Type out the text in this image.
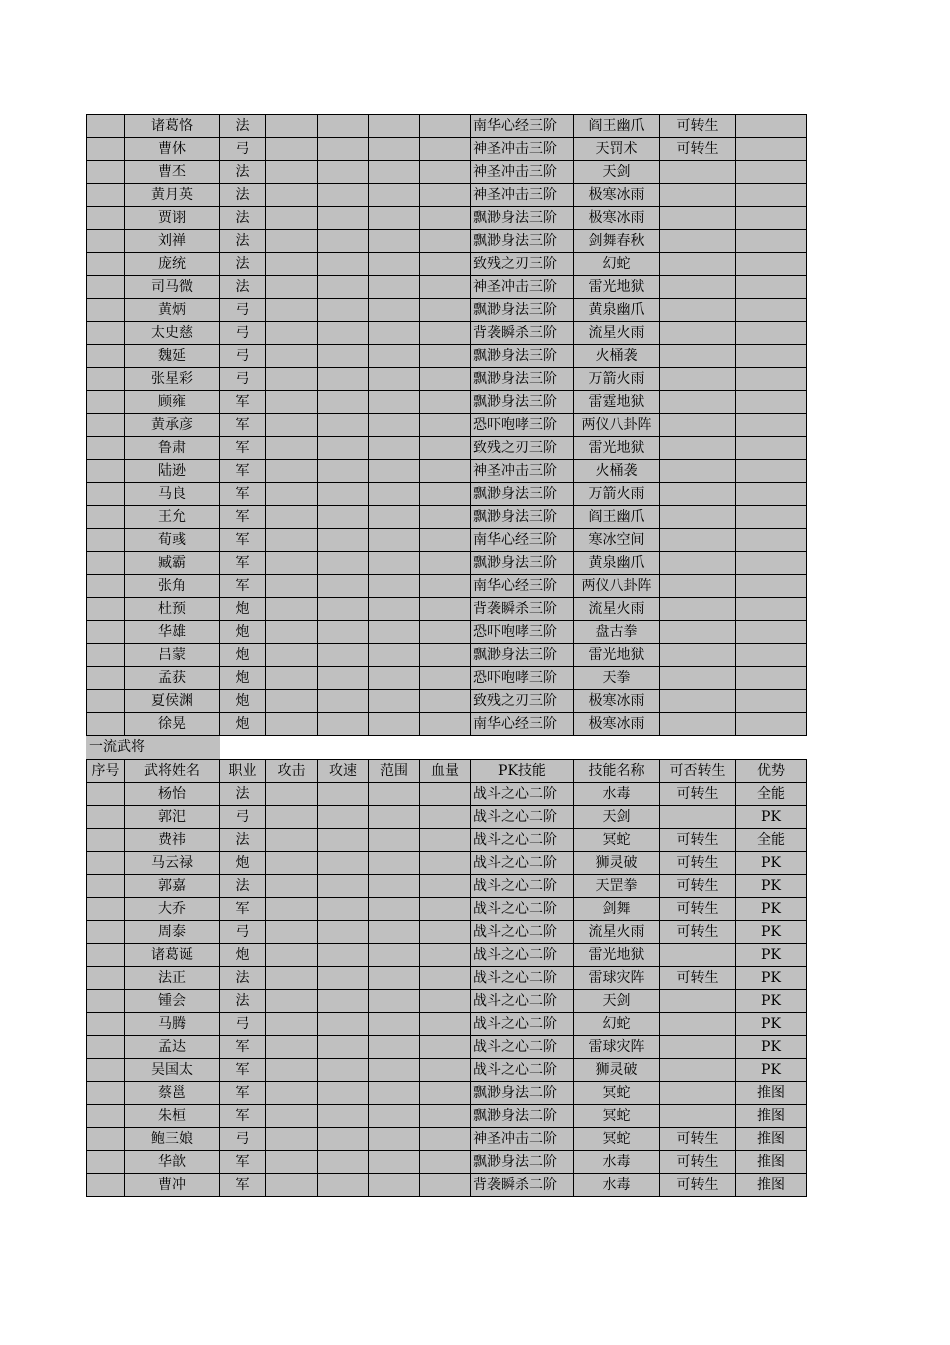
	诸葛恪	法					南华心经三阶	阎王幽爪	可转生	
	曹休	弓					神圣冲击三阶	天罚术	可转生	
	曹丕	法					神圣冲击三阶	天剑		
	黄月英	法					神圣冲击三阶	极寒冰雨		
	贾诩	法					飘渺身法三阶	极寒冰雨		
	刘禅	法					飘渺身法三阶	剑舞春秋		
	庞统	法					致残之刃三阶	幻蛇		
	司马微	法					神圣冲击三阶	雷光地狱		
	黄炳	弓					飘渺身法三阶	黄泉幽爪		
	太史慈	弓					背袭瞬杀三阶	流星火雨		
	魏延	弓					飘渺身法三阶	火桶袭		
	张星彩	弓					飘渺身法三阶	万箭火雨		
	顾雍	军					飘渺身法三阶	雷霆地狱		
	黄承彦	军					恐吓咆哮三阶	两仪八卦阵		
	鲁肃	军					致残之刃三阶	雷光地狱		
	陆逊	军					神圣冲击三阶	火桶袭		
	马良	军					飘渺身法三阶	万箭火雨		
	王允	军					飘渺身法三阶	阎王幽爪		
	荀彧	军					南华心经三阶	寒冰空间		
	臧霸	军					飘渺身法三阶	黄泉幽爪		
	张角	军					南华心经三阶	两仪八卦阵		
	杜预	炮					背袭瞬杀三阶	流星火雨		
	华雄	炮					恐吓咆哮三阶	盘古拳		
	吕蒙	炮					飘渺身法三阶	雷光地狱		
	孟获	炮					恐吓咆哮三阶	天拳		
	夏侯渊	炮					致残之刃三阶	极寒冰雨		
	徐晃	炮					南华心经三阶	极寒冰雨		
一流武将
序号	武将姓名	职业	攻击	攻速	范围	血量	PK技能	技能名称	可否转生	优势
	杨怡	法					战斗之心二阶	水毒	可转生	全能
	郭汜	弓					战斗之心二阶	天剑		PK
	费祎	法					战斗之心二阶	冥蛇	可转生	全能
	马云禄	炮					战斗之心二阶	狮灵破	可转生	PK
	郭嘉	法					战斗之心二阶	天罡拳	可转生	PK
	大乔	军					战斗之心二阶	剑舞	可转生	PK
	周泰	弓					战斗之心二阶	流星火雨	可转生	PK
	诸葛诞	炮					战斗之心二阶	雷光地狱		PK
	法正	法					战斗之心二阶	雷球灾阵	可转生	PK
	锺会	法					战斗之心二阶	天剑		PK
	马腾	弓					战斗之心二阶	幻蛇		PK
	孟达	军					战斗之心二阶	雷球灾阵		PK
	吴国太	军					战斗之心二阶	狮灵破		PK
	蔡邕	军					飘渺身法二阶	冥蛇		推图
	朱桓	军					飘渺身法二阶	冥蛇		推图
	鲍三娘	弓					神圣冲击二阶	冥蛇	可转生	推图
	华歆	军					飘渺身法二阶	水毒	可转生	推图
	曹冲	军					背袭瞬杀二阶	水毒	可转生	推图
